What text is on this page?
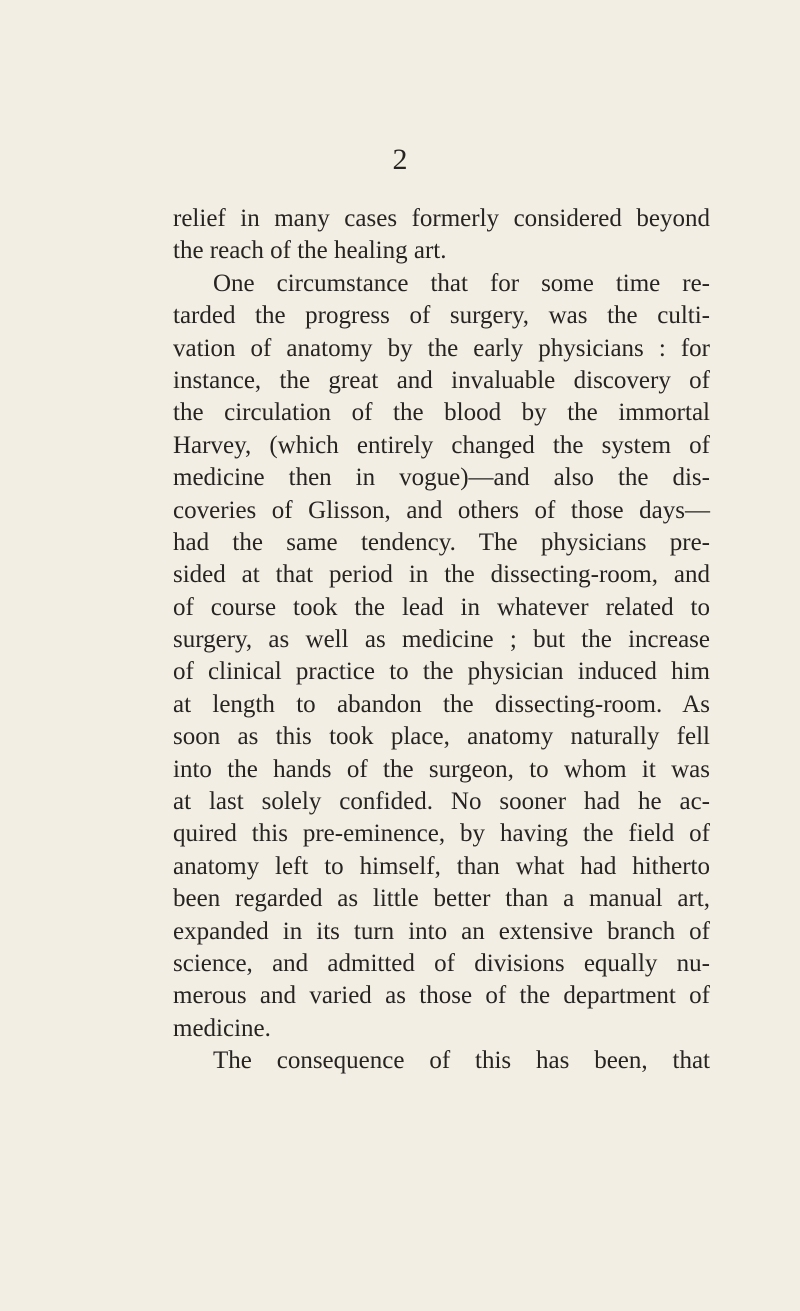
2
relief in many cases formerly considered beyond
the reach of the healing art.
One circumstance that for some time re-
tarded the progress of surgery, was the culti-
vation of anatomy by the early physicians : for
instance, the great and invaluable discovery of
the circulation of the blood by the immortal
Harvey, (which entirely changed the system of
medicine then in vogue)—and also the dis-
coveries of Glisson, and others of those days—
had the same tendency. The physicians pre-
sided at that period in the dissecting-room, and
of course took the lead in whatever related to
surgery, as well as medicine ; but the increase
of clinical practice to the physician induced him
at length to abandon the dissecting-room. As
soon as this took place, anatomy naturally fell
into the hands of the surgeon, to whom it was
at last solely confided. No sooner had he ac-
quired this pre-eminence, by having the field of
anatomy left to himself, than what had hitherto
been regarded as little better than a manual art,
expanded in its turn into an extensive branch of
science, and admitted of divisions equally nu-
merous and varied as those of the department of
medicine.
The consequence of this has been, that
